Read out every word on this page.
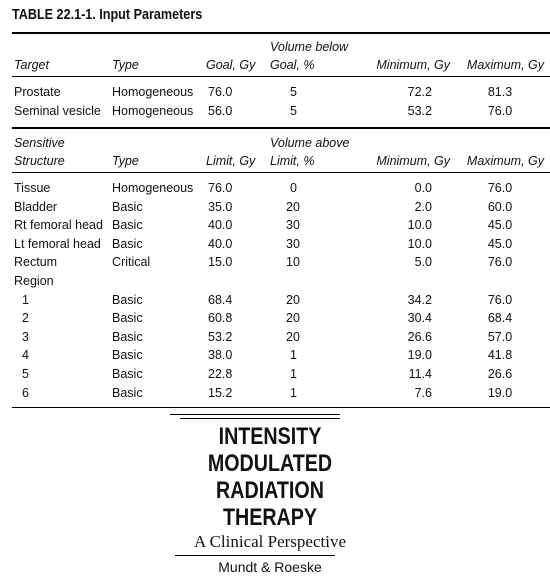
TABLE 22.1-1. Input Parameters
			Volume below		
Target	Type	Goal, Gy	Goal, %	Minimum, Gy	Maximum, Gy
Prostate	Homogeneous	76.0	5	72.2	81.3
Seminal vesicle	Homogeneous	56.0	5	53.2	76.0
Sensitive			Volume above		
Structure	Type	Limit, Gy	Limit, %	Minimum, Gy	Maximum, Gy
Tissue	Homogeneous	76.0	0	0.0	76.0
Bladder	Basic	35.0	20	2.0	60.0
Rt femoral head	Basic	40.0	30	10.0	45.0
Lt femoral head	Basic	40.0	30	10.0	45.0
Rectum	Critical	15.0	10	5.0	76.0
Region					
1	Basic	68.4	20	34.2	76.0
2	Basic	60.8	20	30.4	68.4
3	Basic	53.2	20	26.6	57.0
4	Basic	38.0	1	19.0	41.8
5	Basic	22.8	1	11.4	26.6
6	Basic	15.2	1	7.6	19.0
INTENSITY
MODULATED
RADIATION
THERAPY
A Clinical Perspective
Mundt & Roeske
